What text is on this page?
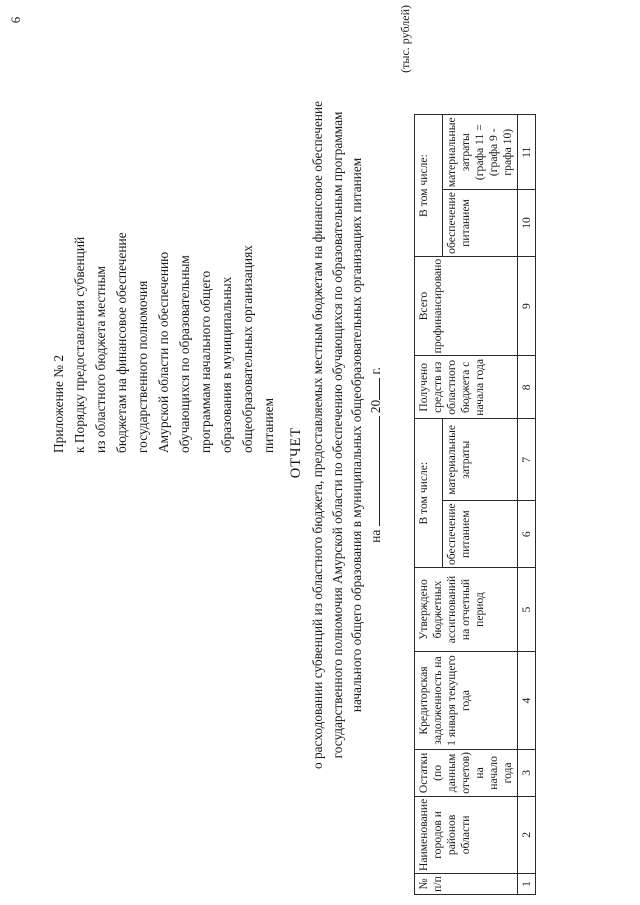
6
Приложение № 2 к Порядку предоставления субвенций из областного бюджета местным бюджетам на финансовое обеспечение государственного полномочия Амурской области по обеспечению обучающихся по образовательным программам начального общего образования в муниципальных общеобразовательных организациях питанием ОТЧЕТ о расходовании субвенций из областного бюджета, предоставляемых местным бюджетам на финансовое обеспечение государственного полномочия Амурской области по обеспечению обучающихся по образовательным программам начального общего образования в муниципальных общеобразовательных организациях питанием на  20 г.
(тыс. рублей)
№ п/п	Наименование городов и районов области	Остатки (по данным отчетов) на начало года	Кредиторская задолженность на 1 января текущего года	Утверждено бюджетных ассигнований на отчетный период	В том числе:		Получено средств из областного бюджета с начала года	Всего профинансировано	В том числе:	
					обеспечение питанием	материальные затраты			обеспечение питанием	материальные затраты (графа 11 = (графа 9 - графа 10)
1	2	3	4	5	6	7	8	9	10	11
